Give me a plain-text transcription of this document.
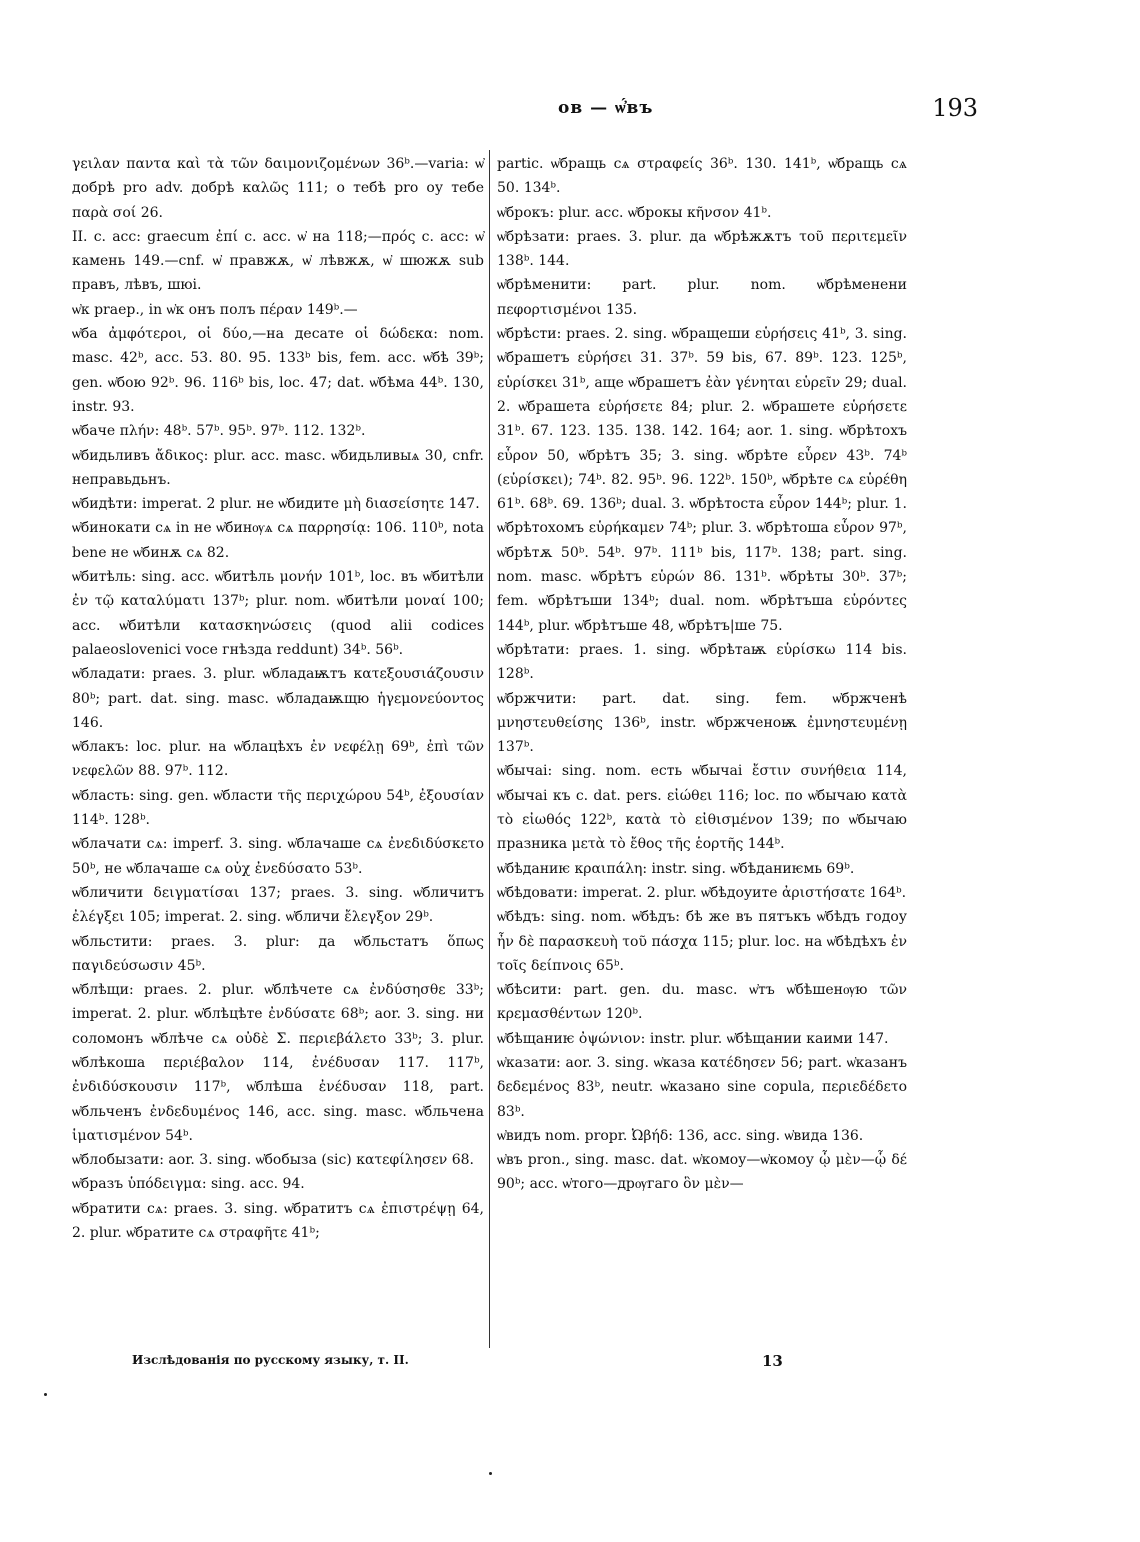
ов — ѡ҆́въ	193

γειλαν παντα καὶ τὰ τῶν δαιμονιζομένων 36ᵇ.—varia: ѡ҆ добрѣ pro adv. добрѣ καλῶς 111; о тебѣ pro оу тебе παρὰ σοί 26.

II. c. acc: graecum ἐπί c. acc. ѡ҆ на 118;—πρός c. acc: ѡ҆ камень 149.—cnf. ѡ҆ правжѫ, ѡ҆ лѣвжѫ, ѡ҆ шюжѫ sub правъ, лѣвъ, шюі.

ѡ҆к praep., in ѡ҆к онъ полъ πέραν 149ᵇ.—

ѡ҆ба ἀμφότεροι, οἱ δύο,—на десате οἱ δώδεκα: nom. masc. 42ᵇ, acc. 53. 80. 95. 133ᵇ bis, fem. acc. ѡ҆бѣ 39ᵇ; gen. ѡ҆бою 92ᵇ. 96. 116ᵇ bis, loc. 47; dat. ѡ҆бѣма 44ᵇ. 130, instr. 93.

ѡ҆баче πλήν: 48ᵇ. 57ᵇ. 95ᵇ. 97ᵇ. 112. 132ᵇ.

ѡ҆бидьливъ ἄδικος: plur. acc. masc. ѡ҆бидьливыѧ 30, cnfr. неправьдьнъ.

ѡ҆бидѣти: imperat. 2 plur. не ѡ҆бидите μὴ διασείσητε 147.

ѡ҆бинокати сѧ in не ѡ҆бинѹѧ сѧ παρρησίᾳ: 106. 110ᵇ, nota bene не ѡ҆бинѫ сѧ 82.

ѡ҆битѣль: sing. acc. ѡ҆битѣль μονήν 101ᵇ, loc. въ ѡ҆битѣли ἐν τῷ καταλύματι 137ᵇ; plur. nom. ѡ҆битѣли μοναί 100; acc. ѡ҆битѣли κατασκηνώσεις (quod alii codices palaeoslovenici voce гнѣзда reddunt) 34ᵇ. 56ᵇ.

ѡ҆бладати: praes. 3. plur. ѡ҆бладаѭтъ κατεξουσιάζουσιν 80ᵇ; part. dat. sing. masc. ѡ҆бладаѭщю ἡγεμονεύοντος 146.

ѡ҆блакъ: loc. plur. на ѡ҆блацѣхъ ἐν νεφέλῃ 69ᵇ, ἐπὶ τῶν νεφελῶν 88. 97ᵇ. 112.

ѡ҆бласть: sing. gen. ѡ҆бласти τῆς περιχώρου 54ᵇ, ἐξουσίαν 114ᵇ. 128ᵇ.

ѡ҆блачати сѧ: imperf. 3. sing. ѡ҆блачаше сѧ ἐνεδιδύσκετο 50ᵇ, не ѡ҆блачаше сѧ οὐχ ἐνεδύσατο 53ᵇ.

ѡ҆бличити δειγματίσαι 137; praes. 3. sing. ѡ҆бличитъ ἐλέγξει 105; imperat. 2. sing. ѡ҆бличи ἔλεγξον 29ᵇ.

ѡ҆бльстити: praes. 3. plur: да ѡ҆бльстатъ ὅπως παγιδεύσωσιν 45ᵇ.

ѡ҆блѣщи: praes. 2. plur. ѡ҆блѣчете сѧ ἐνδύσησθε 33ᵇ; imperat. 2. plur. ѡ҆блѣцѣте ἐνδύσατε 68ᵇ; aor. 3. sing. ни соломонъ ѡ҆блѣче сѧ οὐδὲ Σ. περιεβάλετο 33ᵇ; 3. plur. ѡ҆блѣкоша περιέβαλον 114, ἐνέδυσαν 117. 117ᵇ, ἐνδιδύσκουσιν 117ᵇ, ѡ҆блѣша ἐνέδυσαν 118, part. ѡ҆бльченъ ἐνδεδυμένος 146, acc. sing. masc. ѡ҆бльчена ἱματισμένον 54ᵇ.

ѡ҆блобызати: aor. 3. sing. ѡ҆бобыза (sic) κατεφίλησεν 68.

ѡ҆бразъ ὑπόδειγμα: sing. acc. 94.

ѡ҆братити сѧ: praes. 3. sing. ѡ҆братитъ сѧ ἐπιστρέψῃ 64, 2. plur. ѡ҆братите сѧ στραφῆτε 41ᵇ;

partic. ѡ҆бращь сѧ στραφείς 36ᵇ. 130. 141ᵇ, ѡ҆бращь сѧ 50. 134ᵇ.

ѡ҆брокъ: plur. acc. ѡ҆брокы κῆνσον 41ᵇ.

ѡ҆брѣзати: praes. 3. plur. да ѡ҆брѣжѫтъ τοῦ περιτεμεῖν 138ᵇ. 144.

ѡ҆брѣменити: part. plur. nom. ѡ҆брѣменени πεφορτισμένοι 135.

ѡ҆брѣсти: praes. 2. sing. ѡ҆бращеши εὑρήσεις 41ᵇ, 3. sing. ѡ҆брашетъ εὑρήσει 31. 37ᵇ. 59 bis, 67. 89ᵇ. 123. 125ᵇ, εὑρίσκει 31ᵇ, аще ѡ҆брашетъ ἐὰν γένηται εὑρεῖν 29; dual. 2. ѡ҆брашета εὑρήσετε 84; plur. 2. ѡ҆брашете εὑρήσετε 31ᵇ. 67. 123. 135. 138. 142. 164; aor. 1. sing. ѡ҆брѣтохъ εὗρον 50, ѡ҆брѣтъ 35; 3. sing. ѡ҆брѣте εὗρεν 43ᵇ. 74ᵇ (εὑρίσκει); 74ᵇ. 82. 95ᵇ. 96. 122ᵇ. 150ᵇ, ѡ҆брѣте сѧ εὑρέθη 61ᵇ. 68ᵇ. 69. 136ᵇ; dual. 3. ѡ҆брѣтоста εὗρον 144ᵇ; plur. 1. ѡ҆брѣтохомъ εὑρήκαμεν 74ᵇ; plur. 3. ѡ҆брѣтоша εὗρον 97ᵇ, ѡ҆брѣтѫ 50ᵇ. 54ᵇ. 97ᵇ. 111ᵇ bis, 117ᵇ. 138; part. sing. nom. masc. ѡ҆брѣтъ εὑρών 86. 131ᵇ. ѡ҆брѣты 30ᵇ. 37ᵇ; fem. ѡ҆брѣтъши 134ᵇ; dual. nom. ѡ҆брѣтъша εὑρόντες 144ᵇ, plur. ѡ҆брѣтъше 48, ѡ҆брѣтъ|ше 75.

ѡ҆брѣтати: praes. 1. sing. ѡ҆брѣтаѭ εὑρίσκω 114 bis. 128ᵇ.

ѡ҆бржчити: part. dat. sing. fem. ѡ҆бржченѣ μνηστευθείσης 136ᵇ, instr. ѡ҆бржченоѭ ἐμνηστευμένῃ 137ᵇ.

ѡ҆бычаі: sing. nom. есть ѡ҆бычаі ἔστιν συνήθεια 114, ѡ҆бычаі къ c. dat. pers. εἰώθει 116; loc. по ѡ҆бычаю κατὰ τὸ εἰωθός 122ᵇ, κατὰ τὸ εἰθισμένον 139; по ѡ҆бычаю празника μετὰ τὸ ἔθος τῆς ἑορτῆς 144ᵇ.

ѡ҆бѣданиѥ κραιπάλη: instr. sing. ѡ҆бѣданиѥмь 69ᵇ.

ѡ҆бѣдовати: imperat. 2. plur. ѡ҆бѣдоуите ἀριστήσατε 164ᵇ.

ѡ҆бѣдъ: sing. nom. ѡ҆бѣдъ: бѣ же въ пятъкъ ѡ҆бѣдъ годоу ἦν δὲ παρασκευὴ τοῦ πάσχα 115; plur. loc. на ѡ҆бѣдѣхъ ἐν τοῖς δείπνοις 65ᵇ.

ѡ҆бѣсити: part. gen. du. masc. ѡ҆тъ ѡ҆бѣшенѹю τῶν κρεμασθέντων 120ᵇ.

ѡ҆бѣщаниѥ ὀψώνιον: instr. plur. ѡ҆бѣщании каими 147.

ѡ҆казати: aor. 3. sing. ѡ҆каза κατέδησεν 56; part. ѡ҆казанъ δεδεμένος 83ᵇ, neutr. ѡ҆казано sine copula, περιεδέδετο 83ᵇ.

ѡ҆видъ nom. propr. Ὠβήδ: 136, acc. sing. ѡ҆вида 136.

ѡ҆въ pron., sing. masc. dat. ѡ҆комоу—ѡ҆комоу ᾧ μὲν—ᾧ δέ 90ᵇ; acc. ѡ҆того—дрѹгаго ὃν μὲν—

Изслѣдованія по русскому языку, т. II.	13
